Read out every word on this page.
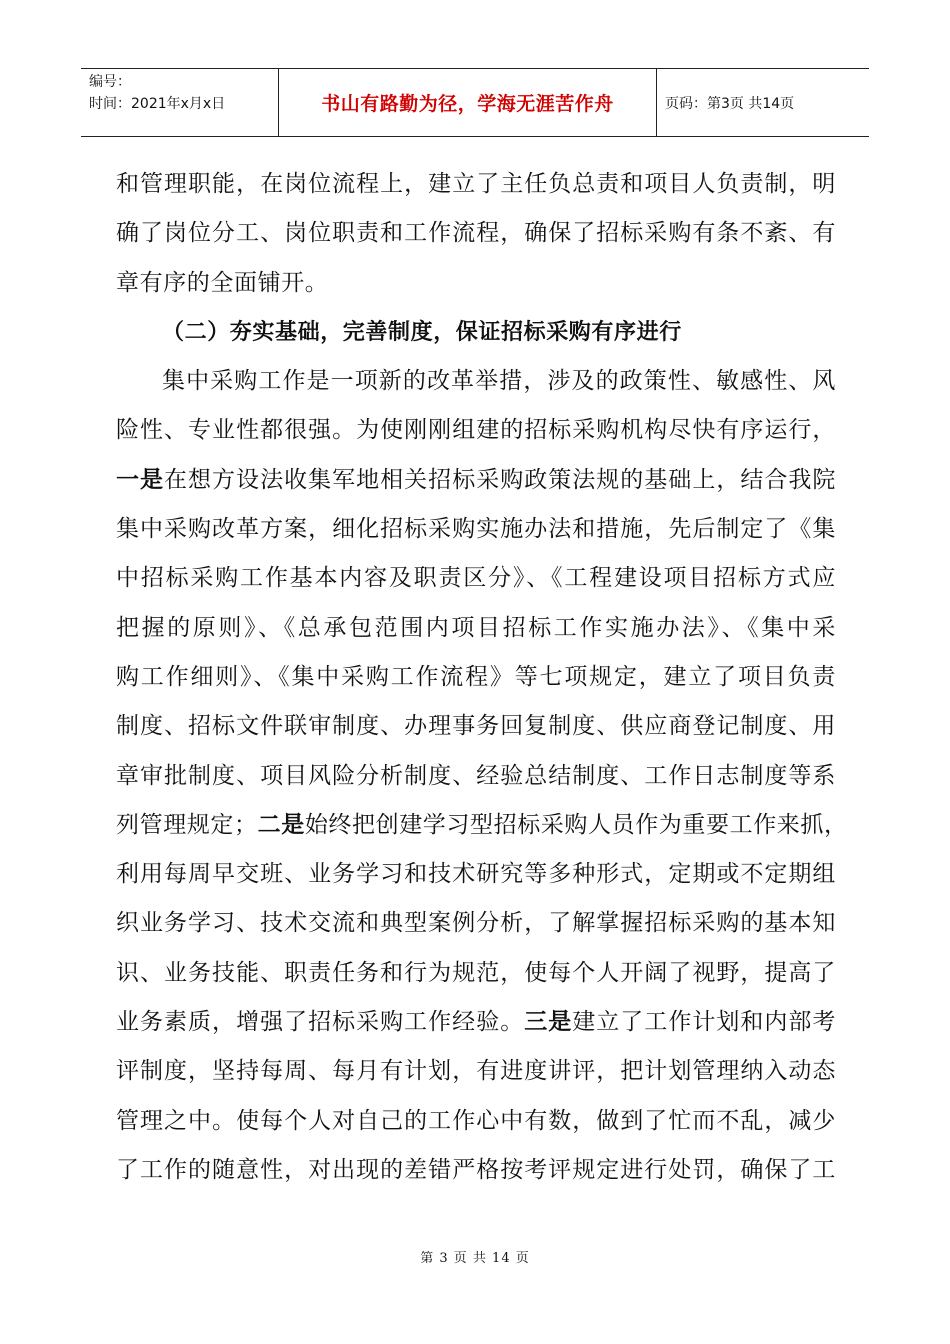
编号：
时间：2021年x月x日	书山有路勤为径，学海无涯苦作舟	页码：第3页 共14页
和管理职能，在岗位流程上，建立了主任负总责和项目人负责制，明
确了岗位分工、岗位职责和工作流程，确保了招标采购有条不紊、有
章有序的全面铺开。
（二）夯实基础，完善制度，保证招标采购有序进行
集中采购工作是一项新的改革举措，涉及的政策性、敏感性、风
险性、专业性都很强。为使刚刚组建的招标采购机构尽快有序运行，
一是在想方设法收集军地相关招标采购政策法规的基础上，结合我院
集中采购改革方案，细化招标采购实施办法和措施，先后制定了《集
中招标采购工作基本内容及职责区分》、《工程建设项目招标方式应
把握的原则》、《总承包范围内项目招标工作实施办法》、《集中采
购工作细则》、《集中采购工作流程》等七项规定，建立了项目负责
制度、招标文件联审制度、办理事务回复制度、供应商登记制度、用
章审批制度、项目风险分析制度、经验总结制度、工作日志制度等系
列管理规定；二是始终把创建学习型招标采购人员作为重要工作来抓，
利用每周早交班、业务学习和技术研究等多种形式，定期或不定期组
织业务学习、技术交流和典型案例分析，了解掌握招标采购的基本知
识、业务技能、职责任务和行为规范，使每个人开阔了视野，提高了
业务素质，增强了招标采购工作经验。三是建立了工作计划和内部考
评制度，坚持每周、每月有计划，有进度讲评，把计划管理纳入动态
管理之中。使每个人对自己的工作心中有数，做到了忙而不乱，减少
了工作的随意性，对出现的差错严格按考评规定进行处罚，确保了工
第 3 页 共 14 页
